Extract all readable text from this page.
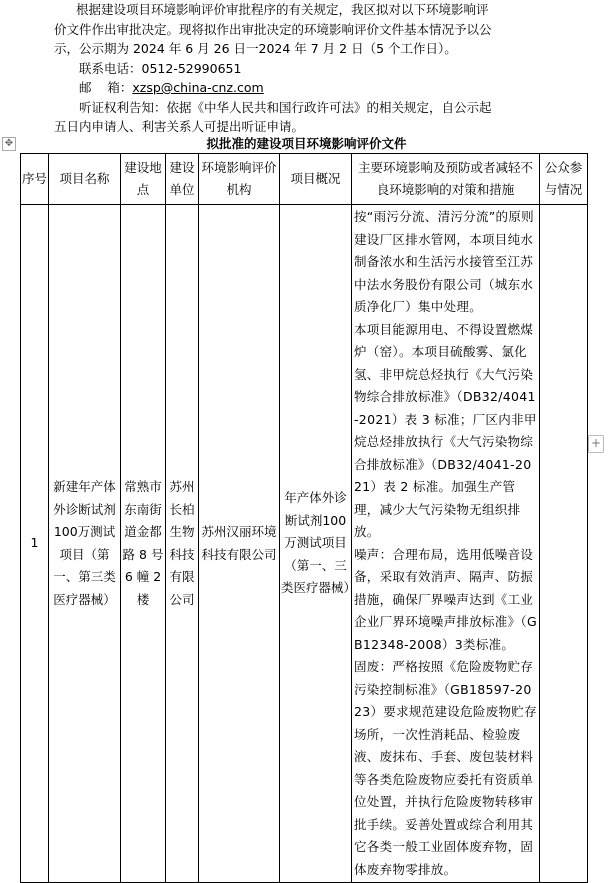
根据建设项目环境影响评价审批程序的有关规定，我区拟对以下环境影响评

价文件作出审批决定。现将拟作出审批决定的环境影响评价文件基本情况予以公

示，公示期为 2024 年 6 月 26 日一2024 年 7 月 2 日（5 个工作日）。

联系电话：0512-52990651

邮    箱：xzsp@china-cnz.com

听证权利告知：依据《中华人民共和国行政许可法》的相关规定，自公示起

五日内申请人、利害关系人可提出听证申请。

✥	拟批准的建设项目环境影响评价文件
序号	项目名称	建设地点	建设单位	环境影响评价机构	项目概况	主要环境影响及预防或者减轻不良环境影响的对策和措施	公众参与情况
1	新建年产体外诊断试剂100万测试项目（第一、第三类医疗器械）	常熟市东南街道金都路 8 号6 幢 2 楼	苏州长柏生物科技有限公司	苏州汉丽环境科技有限公司	年产体外诊断试剂100万测试项目（第一、三类医疗器械）	按“雨污分流、清污分流”的原则建设厂区排水管网，本项目纯水制备浓水和生活污水接管至江苏中法水务股份有限公司（城东水质净化厂）集中处理。

本项目能源用电、不得设置燃煤炉（窑）。本项目硫酸雾、氯化氢、非甲烷总烃执行《大气污染物综合排放标准》（DB32/4041-2021）表 3 标准；厂区内非甲烷总烃排放执行《大气污染物综合排放标准》（DB32/4041-2021）表 2 标准。加强生产管理，减少大气污染物无组织排放。

噪声：合理布局，选用低噪音设备，采取有效消声、隔声、防振措施，确保厂界噪声达到《工业企业厂界环境噪声排放标准》（GB12348-2008）3类标准。

固废：严格按照《危险废物贮存污染控制标准》（GB18597-2023）要求规范建设危险废物贮存场所，一次性消耗品、检验废液、废抹布、手套、废包装材料等各类危险废物应委托有资质单位处置，并执行危险废物转移审批手续。妥善处置或综合利用其它各类一般工业固体废弃物，固体废弃物零排放。	

+
